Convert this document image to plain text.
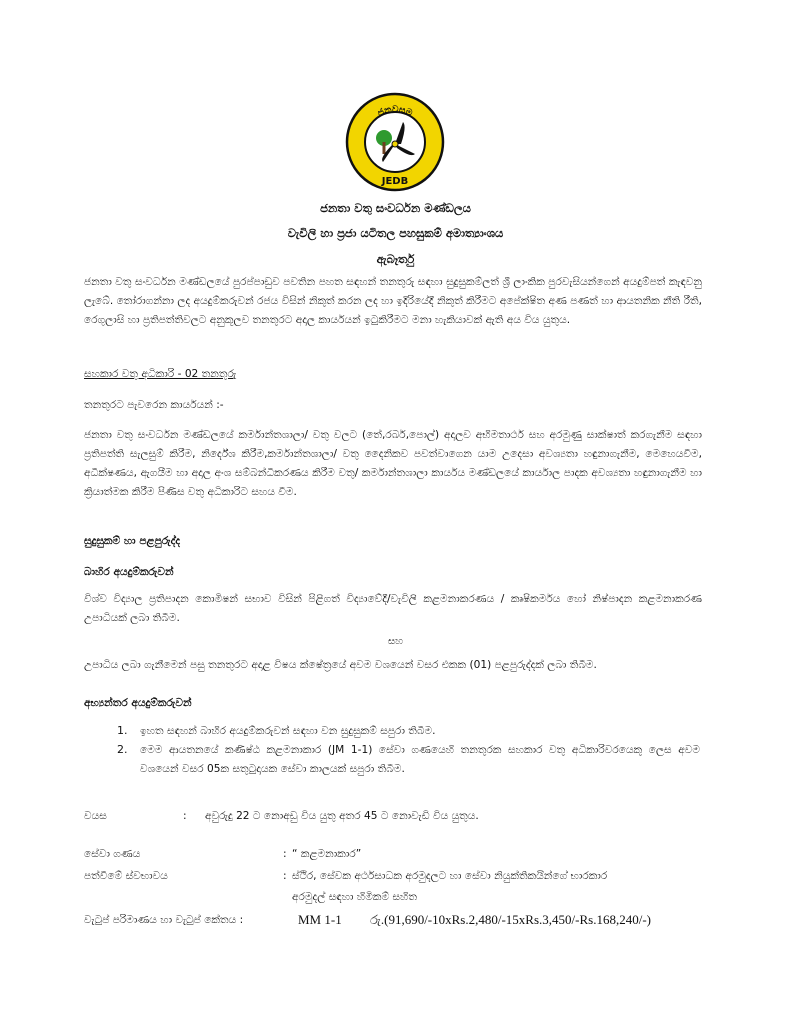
ජනවසම
JEDB
ජනතා වතු සංවර්ධන මණ්ඩලය
වැවිලි හා ප්‍රජා යටිතල පහසුකම් අමාත්‍යාංශය
ඇබෑර්තු
ජනතා වතු සංවර්ධන මණ්ඩලයේ පුරප්පාඩුව පවතින පහත සඳහන් තනතුරු සඳහා සුදුසුකම්ලත් ශ්‍රී ලාංකික පුරවැසියන්ගෙන් අයදුම්පත් කැඳවනු ලැබේ. තෝරාගන්නා ලද අයදුම්කරුවන් රජය විසින් නිකුත් කරන ලද හා ඉදිරියේදී නිකුත් කිරීමට අපේක්ෂිත අණ පණත් හා ආයතනික නීති රීති, රෙගුලාසි හා ප්‍රතිපත්තිවලට අනුකූලව තනතුරට අදාල කාර්යයන් ඉටුකිරීමට මනා හැකියාවක් ඇති අය විය යුතුය.
සහකාර වතු අධිකාරි - 02 තනතුරු
තනතුරට පැවරෙන කාර්යයන් :-
ජනතා වතු සංවර්ධන මණ්ඩලයේ කර්මාන්තශාලා/ වතු වලට (තේ,රබර්,පොල්) අදාලව අභිමතාර්ථ සහ අරමුණු සාක්ෂාත් කරගැනීම සඳහා ප්‍රතිපත්ති සැලසුම් කිරීම, නිර්දේශ කිරීම,කර්මාන්තශාලා/ වතු දෛනිකව පවත්වාගෙන යාම උදෙසා අවශ්‍යතා හඳුනාගැනීම, මෙහෙයවීම, අධීක්ෂණය, ඇගයීම හා අදාල අංශ සම්බන්ධීකරණය කිරීම වතු/ කර්මාන්තශාලා කාර්යය මණ්ඩලයේ කාර්යාල පාදක අවශ්‍යතා හඳුනාගැනීම හා ක්‍රියාත්මක කිරීම පිණිස වතු අධිකාරිට සහය වීම.
සුදුසුකම් හා පළපුරුද්ද
බාහිර අයදුම්කරුවන්
විශ්ව විද්‍යාල ප්‍රතිපාදන කොමිෂන් සභාව විසින් පිළිගත් විද්‍යාවේදී/වැවිලි කළමනාකරණය / කෘෂිකර්මය හෝ නිෂ්පාදන කළමනාකරණ උපාධියක් ලබා තිබීම.
සහ
උපාධිය ලබා ගැනීමෙන් පසු තනතුරට අදාළ විෂය ක්ෂේත්‍රයේ අවම වශයෙන් වසර එකක (01) පළපුරුද්දක් ලබා තිබීම.
අභ්‍යන්තර අයදුම්කරුවන්
1. ඉහත සඳහන් බාහිර අයදුම්කරුවන් සඳහා වන සුදුසුකම් සපුරා තිබීම.
2. මෙම ආයතනයේ කණිෂ්ඨ කළමනාකාර (JM 1-1) සේවා ගණයෙහි තනතුරක සහකාර වතු අධිකාරිවරයෙකු ලෙස අවම වශයෙන් වසර 05ක සතුටුදායක සේවා කාලයක් සපුරා තිබීම.
වයස	: අවුරුදු 22 ට නොඅඩු විය යුතු අතර 45 ට නොවැඩි විය යුතුය.
සේවා ගණය	: “ කළමනාකාර”
පත්වීමේ ස්වභාවය	: ස්ථිර, සේවක අර්ථසාධක අරමුදලට හා සේවා නියුක්තිකයින්ගේ භාරකාර
අරමුදල් සඳහා හිමිකම් සහිත
වැටුප් පරිමාණය හා වැටුප් කේතය :	MM 1-1 රු.(91,690/-10xRs.2,480/-15xRs.3,450/-Rs.168,240/-)
